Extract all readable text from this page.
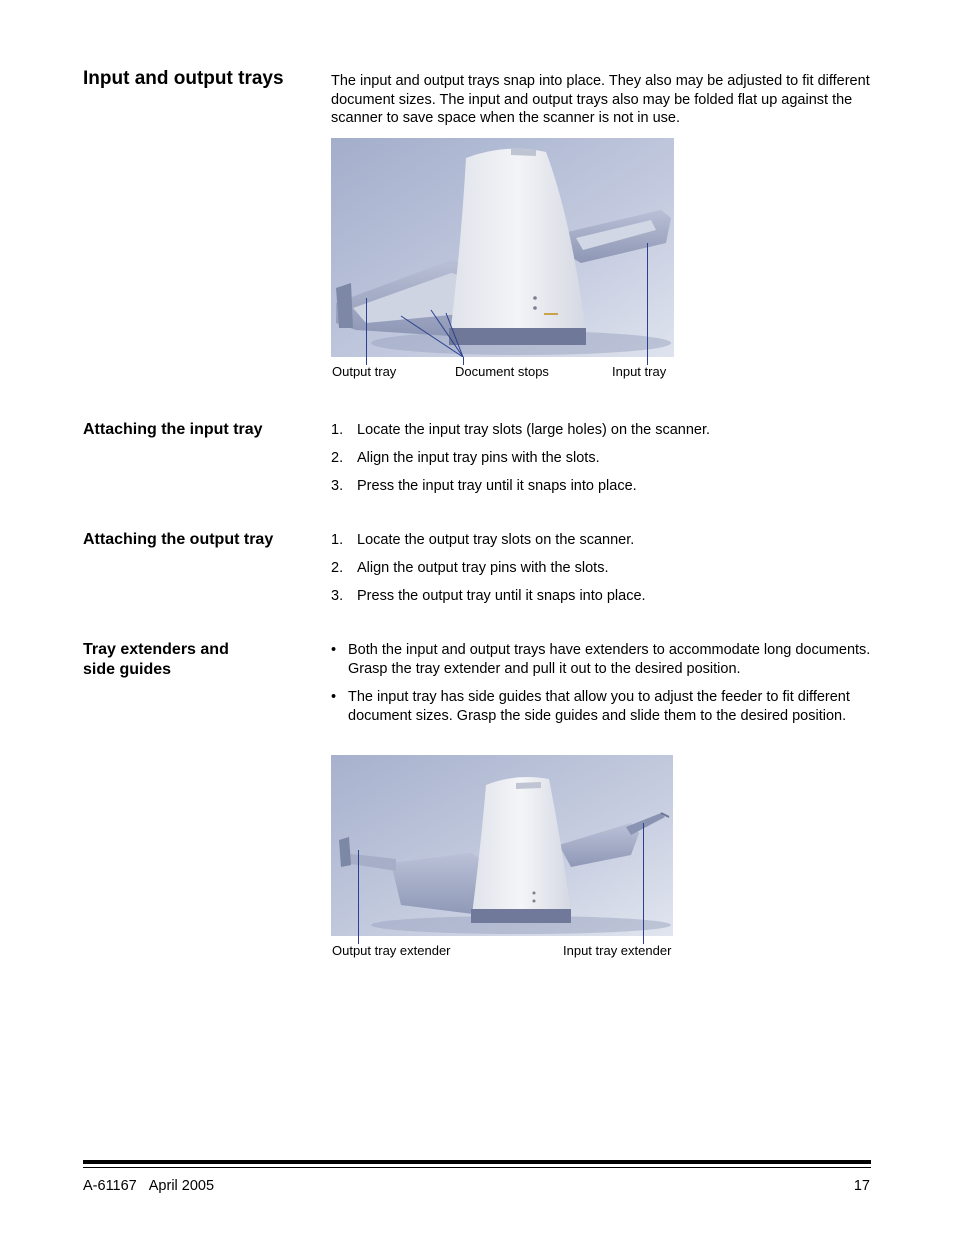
Input and output trays	The input and output trays snap into place. They also may be adjusted to fit different document sizes. The input and output trays also may be folded flat up against the scanner to save space when the scanner is not in use.
Output tray	Document stops	Input tray
Attaching the input tray	1. Locate the input tray slots (large holes) on the scanner.
2. Align the input tray pins with the slots.
3. Press the input tray until it snaps into place.
Attaching the output tray	1. Locate the output tray slots on the scanner.
2. Align the output tray pins with the slots.
3. Press the output tray until it snaps into place.
Tray extenders and
side guides
• Both the input and output trays have extenders to accommodate long documents. Grasp the tray extender and pull it out to the desired position.
• The input tray has side guides that allow you to adjust the feeder to fit different document sizes. Grasp the side guides and slide them to the desired position.
Output tray extender	Input tray extender
A-61167 April 2005	17
